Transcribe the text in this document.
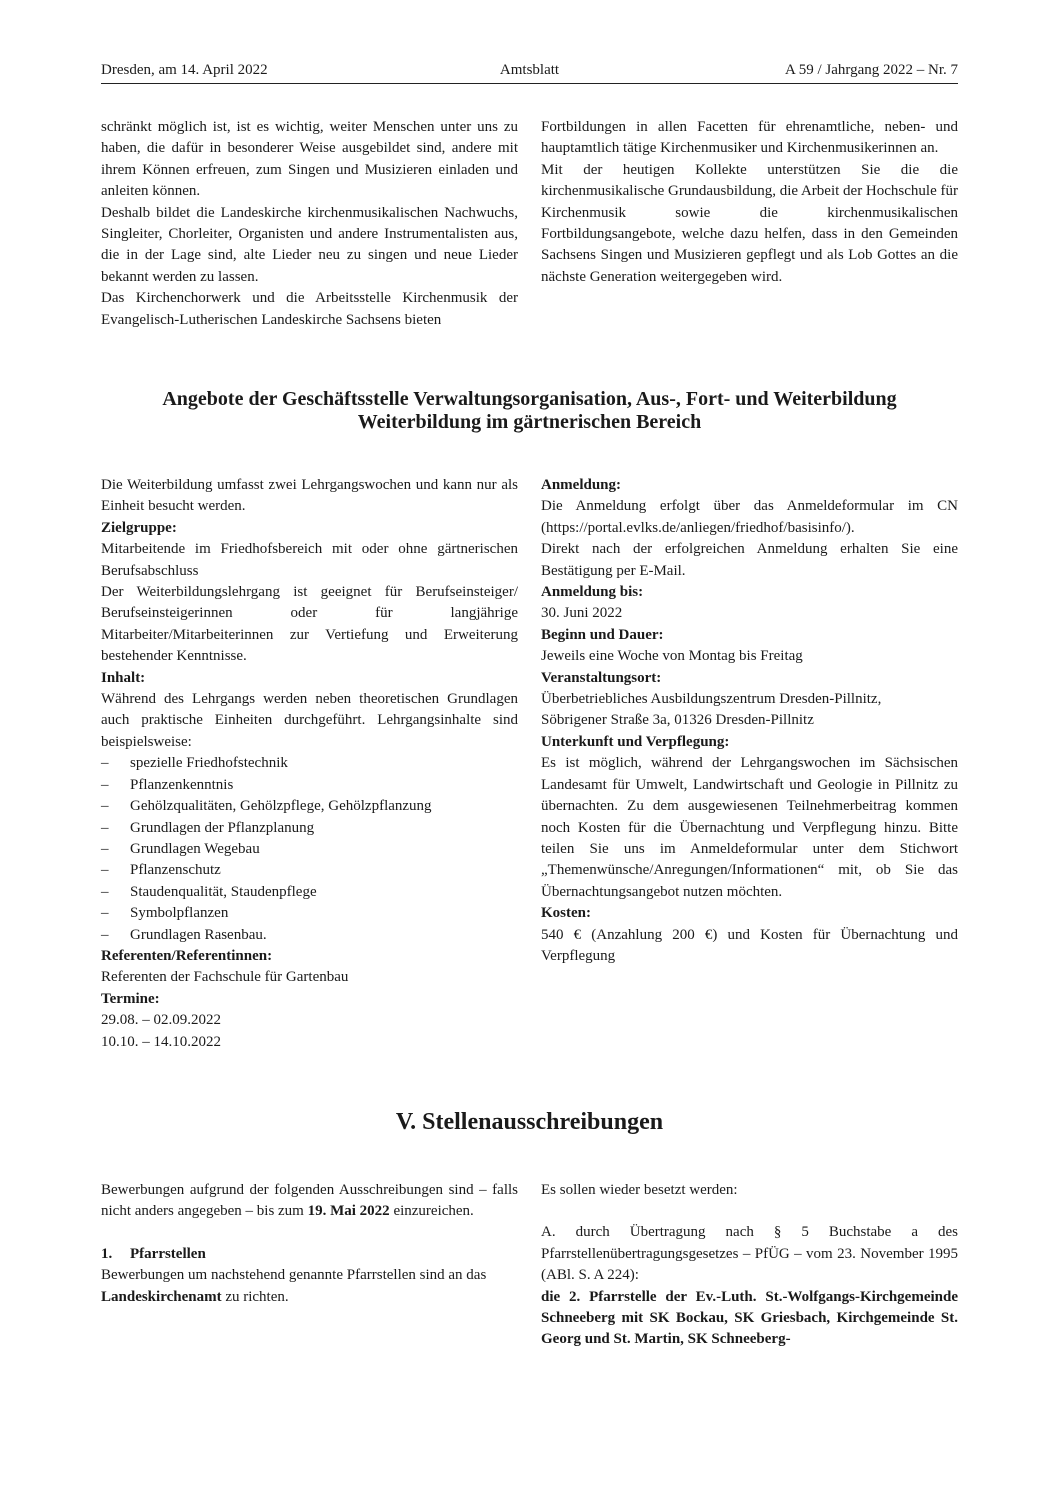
Dresden, am 14. April 2022	Amtsblatt	A 59 / Jahrgang 2022 – Nr. 7

schränkt möglich ist, ist es wichtig, weiter Menschen unter uns zu haben, die dafür in besonderer Weise ausgebildet sind, andere mit ihrem Können erfreuen, zum Singen und Musizieren einladen und anleiten können.

Deshalb bildet die Landeskirche kirchenmusikalischen Nachwuchs, Singleiter, Chorleiter, Organisten und andere Instrumentalisten aus, die in der Lage sind, alte Lieder neu zu singen und neue Lieder bekannt werden zu lassen.

Das Kirchenchorwerk und die Arbeitsstelle Kirchenmusik der Evangelisch-Lutherischen Landeskirche Sachsens bieten

Fortbildungen in allen Facetten für ehrenamtliche, neben- und hauptamtlich tätige Kirchenmusiker und Kirchenmusikerinnen an.

Mit der heutigen Kollekte unterstützen Sie die die kirchenmusikalische Grundausbildung, die Arbeit der Hochschule für Kirchenmusik sowie die kirchenmusikalischen Fortbildungsangebote, welche dazu helfen, dass in den Gemeinden Sachsens Singen und Musizieren gepflegt und als Lob Gottes an die nächste Generation weitergegeben wird.

Angebote der Geschäftsstelle Verwaltungsorganisation, Aus-, Fort- und Weiterbildung
Weiterbildung im gärtnerischen Bereich

Die Weiterbildung umfasst zwei Lehrgangswochen und kann nur als Einheit besucht werden.

Zielgruppe:

Mitarbeitende im Friedhofsbereich mit oder ohne gärtnerischen Berufsabschluss

Der Weiterbildungslehrgang ist geeignet für Berufseinsteiger/ Berufseinsteigerinnen oder für langjährige Mitarbeiter/Mitarbeiterinnen zur Vertiefung und Erweiterung bestehender Kenntnisse.

Inhalt:

Während des Lehrgangs werden neben theoretischen Grundlagen auch praktische Einheiten durchgeführt. Lehrgangsinhalte sind beispielsweise:

–	spezielle Friedhofstechnik
–	Pflanzenkenntnis
–	Gehölzqualitäten, Gehölzpflege, Gehölzpflanzung
–	Grundlagen der Pflanzplanung
–	Grundlagen Wegebau
–	Pflanzenschutz
–	Staudenqualität, Staudenpflege
–	Symbolpflanzen
–	Grundlagen Rasenbau.

Referenten/Referentinnen:

Referenten der Fachschule für Gartenbau

Termine:

29.08. – 02.09.2022

10.10. – 14.10.2022

Anmeldung:

Die Anmeldung erfolgt über das Anmeldeformular im CN (https://portal.evlks.de/anliegen/friedhof/basisinfo/).

Direkt nach der erfolgreichen Anmeldung erhalten Sie eine Bestätigung per E-Mail.

Anmeldung bis:

30. Juni 2022

Beginn und Dauer:

Jeweils eine Woche von Montag bis Freitag

Veranstaltungsort:

Überbetriebliches Ausbildungszentrum Dresden-Pillnitz,

Söbrigener Straße 3a, 01326 Dresden-Pillnitz

Unterkunft und Verpflegung:

Es ist möglich, während der Lehrgangswochen im Sächsischen Landesamt für Umwelt, Landwirtschaft und Geologie in Pillnitz zu übernachten. Zu dem ausgewiesenen Teilnehmerbeitrag kommen noch Kosten für die Übernachtung und Verpflegung hinzu. Bitte teilen Sie uns im Anmeldeformular unter dem Stichwort „Themenwünsche/Anregungen/Informationen“ mit, ob Sie das Übernachtungsangebot nutzen möchten.

Kosten:

540 € (Anzahlung 200 €) und Kosten für Übernachtung und Verpflegung

V. Stellenausschreibungen

Bewerbungen aufgrund der folgenden Ausschreibungen sind – falls nicht anders angegeben – bis zum 19. Mai 2022 einzureichen.

1.	Pfarrstellen

Bewerbungen um nachstehend genannte Pfarrstellen sind an das Landeskirchenamt zu richten.

Es sollen wieder besetzt werden:

A. durch Übertragung nach § 5 Buchstabe a des Pfarrstellenübertragungsgesetzes – PfÜG – vom 23. November 1995 (ABl. S. A 224):

die 2. Pfarrstelle der Ev.-Luth. St.-Wolfgangs-Kirchgemeinde Schneeberg mit SK Bockau, SK Griesbach, Kirchgemeinde St. Georg und St. Martin, SK Schneeberg-
